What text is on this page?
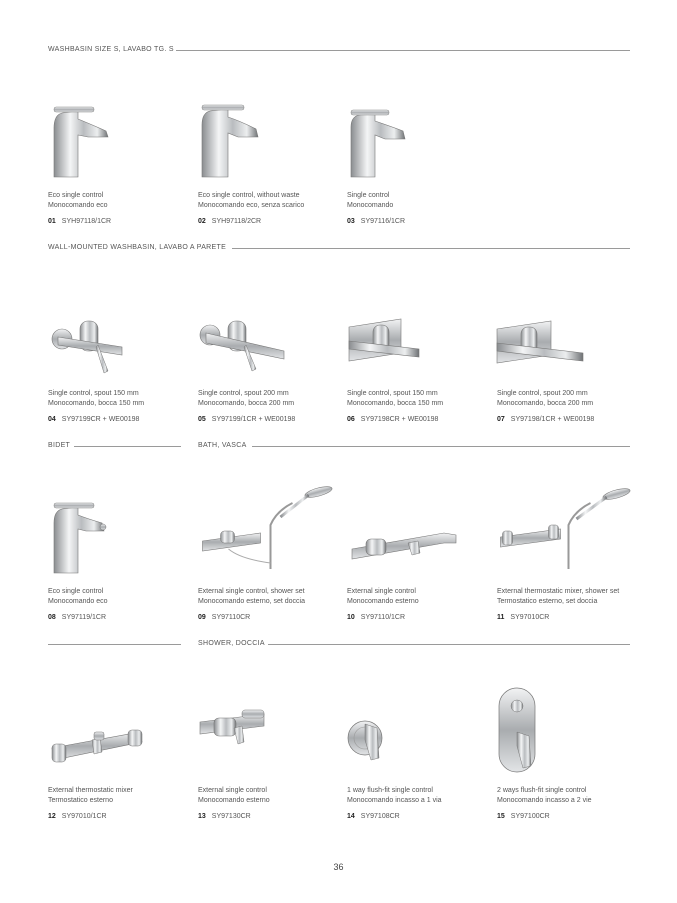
WASHBASIN SIZE S, LAVABO TG. S
WALL-MOUNTED WASHBASIN, LAVABO A PARETE
BIDET	BATH, VASCA
SHOWER, DOCCIA
Eco single control
Monocomando eco
01 SYH97118/1CR
Eco single control, without waste
Monocomando eco, senza scarico
02 SYH97118/2CR
Single control
Monocomando
03 SY97116/1CR
Single control, spout 150 mm
Monocomando, bocca 150 mm
04 SY97199CR + WE00198
Single control, spout 200 mm
Monocomando, bocca 200 mm
05 SY97199/1CR + WE00198
Single control, spout 150 mm
Monocomando, bocca 150 mm
06 SY97198CR + WE00198
Single control, spout 200 mm
Monocomando, bocca 200 mm
07 SY97198/1CR + WE00198
Eco single control
Monocomando eco
08 SY97119/1CR
External single control, shower set
Monocomando esterno, set doccia
09 SY97110CR
External single control
Monocomando esterno
10 SY97110/1CR
External thermostatic mixer, shower set
Termostatico esterno, set doccia
11 SY97010CR
External thermostatic mixer
Termostatico esterno
12 SY97010/1CR
External single control
Monocomando esterno
13 SY97130CR
1 way flush-fit single control
Monocomando incasso a 1 via
14 SY97108CR
2 ways flush-fit single control
Monocomando incasso a 2 vie
15 SY97100CR
36
